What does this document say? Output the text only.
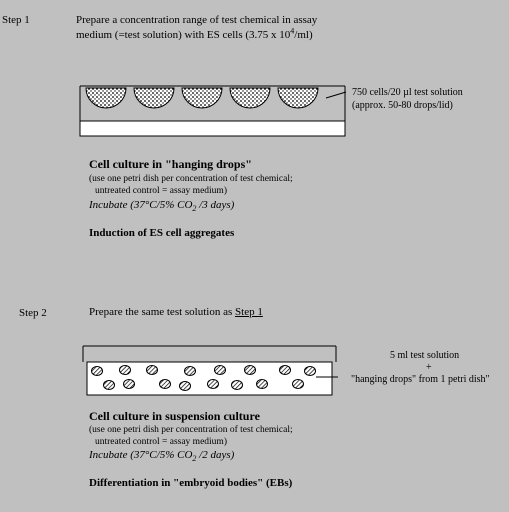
Step 1	Prepare a concentration range of test chemical in assay
medium (=test solution) with ES cells (3.75 x $10^4/ml$)
750 cells/20 µl test solution
(approx. 50-80 drops/lid)
Cell culture in "hanging drops"
(use one petri dish per concentration of test chemical;
untreated control = assay medium)
Incubate (37°C/5% $CO_2$ /3 days)
Induction of ES cell aggregates
Step 2	Prepare the same test solution as Step 1
5 ml test solution
+
"hanging drops" from 1 petri dish"
Cell culture in suspension culture
(use one petri dish per concentration of test chemical;
untreated control = assay medium)
Incubate (37°C/5% $CO_2$ /2 days)
Differentiation in "embryoid bodies" (EBs)
